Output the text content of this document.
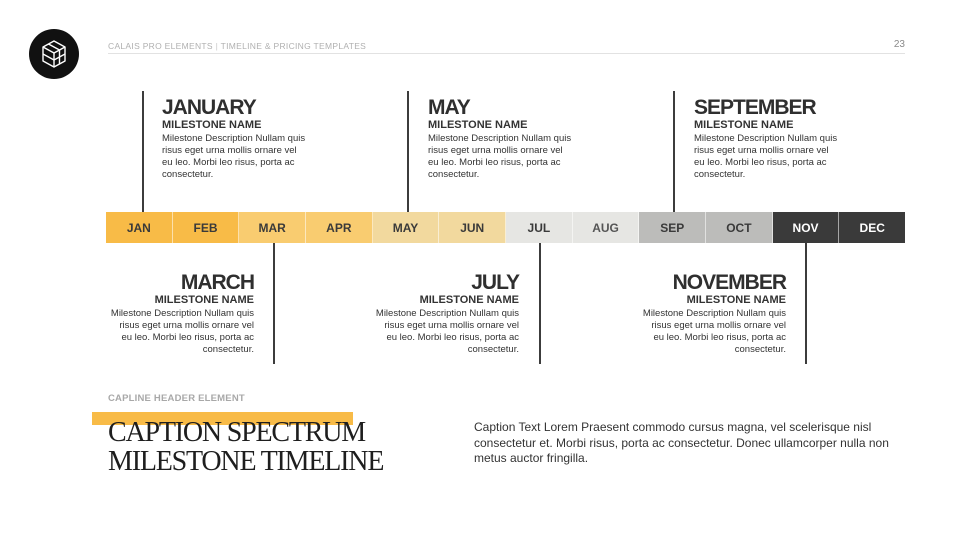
CALAIS PRO ELEMENTS | TIMELINE & PRICING TEMPLATES	23
JANUARY
MILESTONE NAME
Milestone Description Nullam quis
risus eget urna mollis ornare vel
eu leo. Morbi leo risus, porta ac
consectetur.
MAY
MILESTONE NAME
Milestone Description Nullam quis
risus eget urna mollis ornare vel
eu leo. Morbi leo risus, porta ac
consectetur.
SEPTEMBER
MILESTONE NAME
Milestone Description Nullam quis
risus eget urna mollis ornare vel
eu leo. Morbi leo risus, porta ac
consectetur.
JAN	FEB	MAR	APR	MAY	JUN	JUL	AUG	SEP	OCT	NOV	DEC
MARCH
MILESTONE NAME
Milestone Description Nullam quis
risus eget urna mollis ornare vel
eu leo. Morbi leo risus, porta ac
consectetur.
JULY
MILESTONE NAME
Milestone Description Nullam quis
risus eget urna mollis ornare vel
eu leo. Morbi leo risus, porta ac
consectetur.
NOVEMBER
MILESTONE NAME
Milestone Description Nullam quis
risus eget urna mollis ornare vel
eu leo. Morbi leo risus, porta ac
consectetur.
CAPLINE HEADER ELEMENT
CAPTION SPECTRUM
MILESTONE TIMELINE
Caption Text Lorem Praesent commodo cursus magna, vel scelerisque nisl consectetur et. Morbi risus, porta ac consectetur. Donec ullamcorper nulla non metus auctor fringilla.
